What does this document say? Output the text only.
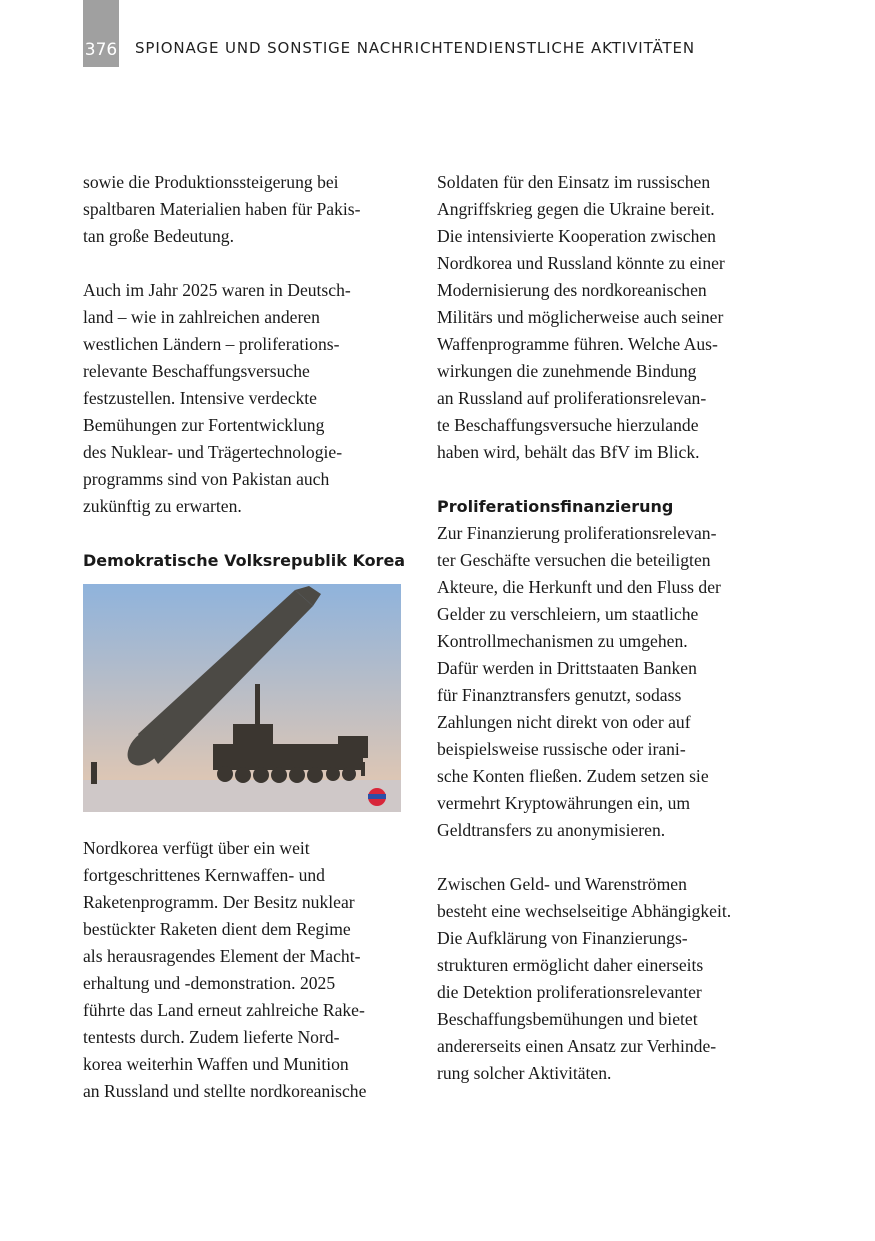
376 SPIONAGE UND SONSTIGE NACHRICHTENDIENSTLICHE AKTIVITÄTEN
sowie die Produktionssteigerung bei
spaltbaren Materialien haben für Pakis-
tan große Bedeutung.
Auch im Jahr 2025 waren in Deutsch-
land – wie in zahlreichen anderen
westlichen Ländern – proliferations-
relevante Beschaffungsversuche
festzustellen. Intensive verdeckte
Bemühungen zur Fortentwicklung
des Nuklear- und Trägertechnologie-
programms sind von Pakistan auch
zukünftig zu erwarten.
Demokratische Volksrepublik Korea
Nordkorea verfügt über ein weit
fortgeschrittenes Kernwaffen- und
Raketenprogramm. Der Besitz nuklear
bestückter Raketen dient dem Regime
als herausragendes Element der Macht-
erhaltung und -demonstration. 2025
führte das Land erneut zahlreiche Rake-
tentests durch. Zudem lieferte Nord-
korea weiterhin Waffen und Munition
an Russland und stellte nordkoreanische
Soldaten für den Einsatz im russischen
Angriffskrieg gegen die Ukraine bereit.
Die intensivierte Kooperation zwischen
Nordkorea und Russland könnte zu einer
Modernisierung des nordkoreanischen
Militärs und möglicherweise auch seiner
Waffenprogramme führen. Welche Aus-
wirkungen die zunehmende Bindung
an Russland auf proliferationsrelevan-
te Beschaffungsversuche hierzulande
haben wird, behält das BfV im Blick.
Proliferationsfinanzierung
Zur Finanzierung proliferationsrelevan-
ter Geschäfte versuchen die beteiligten
Akteure, die Herkunft und den Fluss der
Gelder zu verschleiern, um staatliche
Kontrollmechanismen zu umgehen.
Dafür werden in Drittstaaten Banken
für Finanztransfers genutzt, sodass
Zahlungen nicht direkt von oder auf
beispielsweise russische oder irani-
sche Konten fließen. Zudem setzen sie
vermehrt Kryptowährungen ein, um
Geldtransfers zu anonymisieren.
Zwischen Geld- und Warenströmen
besteht eine wechselseitige Abhängigkeit.
Die Aufklärung von Finanzierungs-
strukturen ermöglicht daher einerseits
die Detektion proliferationsrelevanter
Beschaffungsbemühungen und bietet
andererseits einen Ansatz zur Verhinde-
rung solcher Aktivitäten.
